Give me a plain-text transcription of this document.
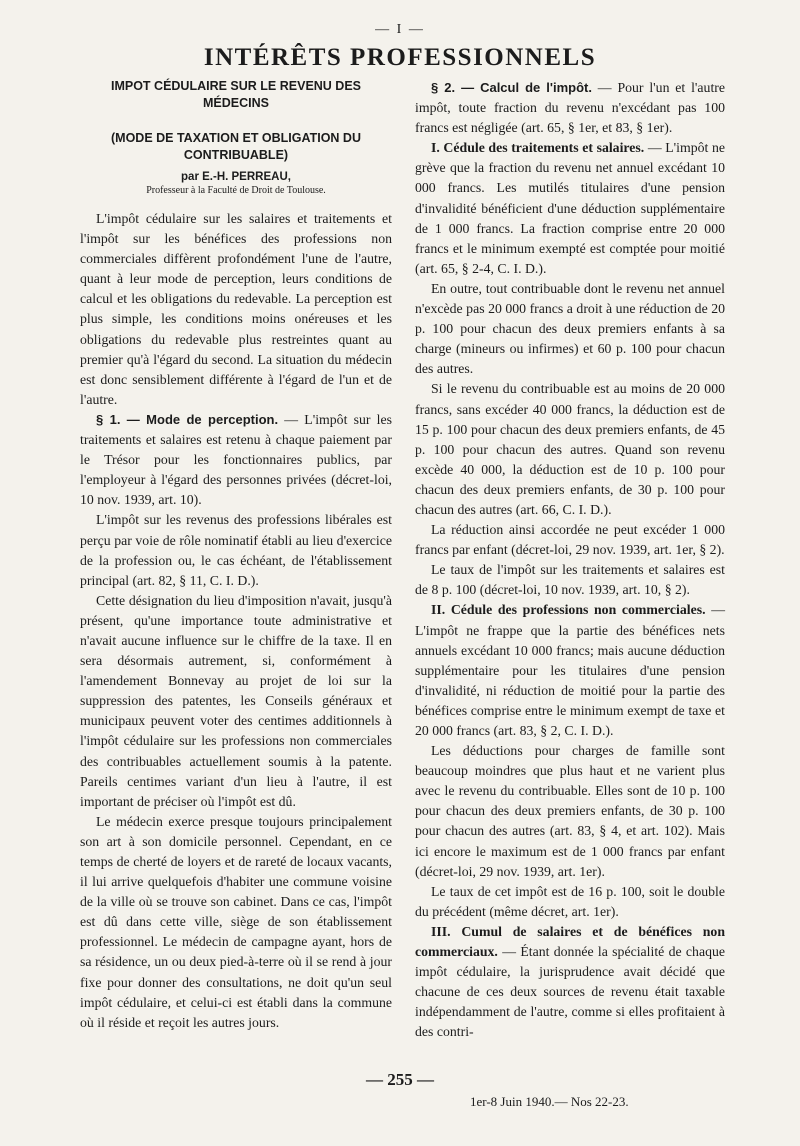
— I —
INTÉRÊTS PROFESSIONNELS
IMPOT CÉDULAIRE SUR LE REVENU DES MÉDECINS
(MODE DE TAXATION ET OBLIGATION DU CONTRIBUABLE)
par E.-H. PERREAU,
Professeur à la Faculté de Droit de Toulouse.

L'impôt cédulaire sur les salaires et traitements et l'impôt sur les bénéfices des professions non commerciales diffèrent profondément l'une de l'autre, quant à leur mode de perception, leurs conditions de calcul et les obligations du redevable. La perception est plus simple, les conditions moins onéreuses et les obligations du redevable plus restreintes quant au premier qu'à l'égard du second. La situation du médecin est donc sensiblement différente à l'égard de l'un et de l'autre.

§ 1. — Mode de perception. — L'impôt sur les traitements et salaires est retenu à chaque paiement par le Trésor pour les fonctionnaires publics, par l'employeur à l'égard des personnes privées (décret-loi, 10 nov. 1939, art. 10).

L'impôt sur les revenus des professions libérales est perçu par voie de rôle nominatif établi au lieu d'exercice de la profession ou, le cas échéant, de l'établissement principal (art. 82, § 11, C. I. D.).

Cette désignation du lieu d'imposition n'avait, jusqu'à présent, qu'une importance toute administrative et n'avait aucune influence sur le chiffre de la taxe. Il en sera désormais autrement, si, conformément à l'amendement Bonnevay au projet de loi sur la suppression des patentes, les Conseils généraux et municipaux peuvent voter des centimes additionnels à l'impôt cédulaire sur les professions non commerciales des contribuables actuellement soumis à la patente. Pareils centimes variant d'un lieu à l'autre, il est important de préciser où l'impôt est dû.

Le médecin exerce presque toujours principalement son art à son domicile personnel. Cependant, en ce temps de cherté de loyers et de rareté de locaux vacants, il lui arrive quelquefois d'habiter une commune voisine de la ville où se trouve son cabinet. Dans ce cas, l'impôt est dû dans cette ville, siège de son établissement professionnel. Le médecin de campagne ayant, hors de sa résidence, un ou deux pied-à-terre où il se rend à jour fixe pour donner des consultations, ne doit qu'un seul impôt cédulaire, et celui-ci est établi dans la commune où il réside et reçoit les autres jours.

§ 2. — Calcul de l'impôt. — Pour l'un et l'autre impôt, toute fraction du revenu n'excédant pas 100 francs est négligée (art. 65, § 1er, et 83, § 1er).

I. Cédule des traitements et salaires. — L'impôt ne grève que la fraction du revenu net annuel excédant 10 000 francs. Les mutilés titulaires d'une pension d'invalidité bénéficient d'une déduction supplémentaire de 1 000 francs. La fraction comprise entre 20 000 francs et le minimum exempté est comptée pour moitié (art. 65, § 2-4, C. I. D.).

En outre, tout contribuable dont le revenu net annuel n'excède pas 20 000 francs a droit à une réduction de 20 p. 100 pour chacun des deux premiers enfants à sa charge (mineurs ou infirmes) et 60 p. 100 pour chacun des autres.

Si le revenu du contribuable est au moins de 20 000 francs, sans excéder 40 000 francs, la déduction est de 15 p. 100 pour chacun des deux premiers enfants, de 45 p. 100 pour chacun des autres. Quand son revenu excède 40 000, la déduction est de 10 p. 100 pour chacun des deux premiers enfants, de 30 p. 100 pour chacun des autres (art. 66, C. I. D.).

La réduction ainsi accordée ne peut excéder 1 000 francs par enfant (décret-loi, 29 nov. 1939, art. 1er, § 2).

Le taux de l'impôt sur les traitements et salaires est de 8 p. 100 (décret-loi, 10 nov. 1939, art. 10, § 2).

II. Cédule des professions non commerciales. — L'impôt ne frappe que la partie des bénéfices nets annuels excédant 10 000 francs; mais aucune déduction supplémentaire pour les titulaires d'une pension d'invalidité, ni réduction de moitié pour la partie des bénéfices comprise entre le minimum exempt de taxe et 20 000 francs (art. 83, § 2, C. I. D.).

Les déductions pour charges de famille sont beaucoup moindres que plus haut et ne varient plus avec le revenu du contribuable. Elles sont de 10 p. 100 pour chacun des deux premiers enfants, de 30 p. 100 pour chacun des autres (art. 83, § 4, et art. 102). Mais ici encore le maximum est de 1 000 francs par enfant (décret-loi, 29 nov. 1939, art. 1er).

Le taux de cet impôt est de 16 p. 100, soit le double du précédent (même décret, art. 1er).

III. Cumul de salaires et de bénéfices non commerciaux. — Étant donnée la spécialité de chaque impôt cédulaire, la jurisprudence avait décidé que chacune de ces deux sources de revenu était taxable indépendamment de l'autre, comme si elles profitaient à des contri-

— 255 —
1er-8 Juin 1940.— Nos 22-23.
